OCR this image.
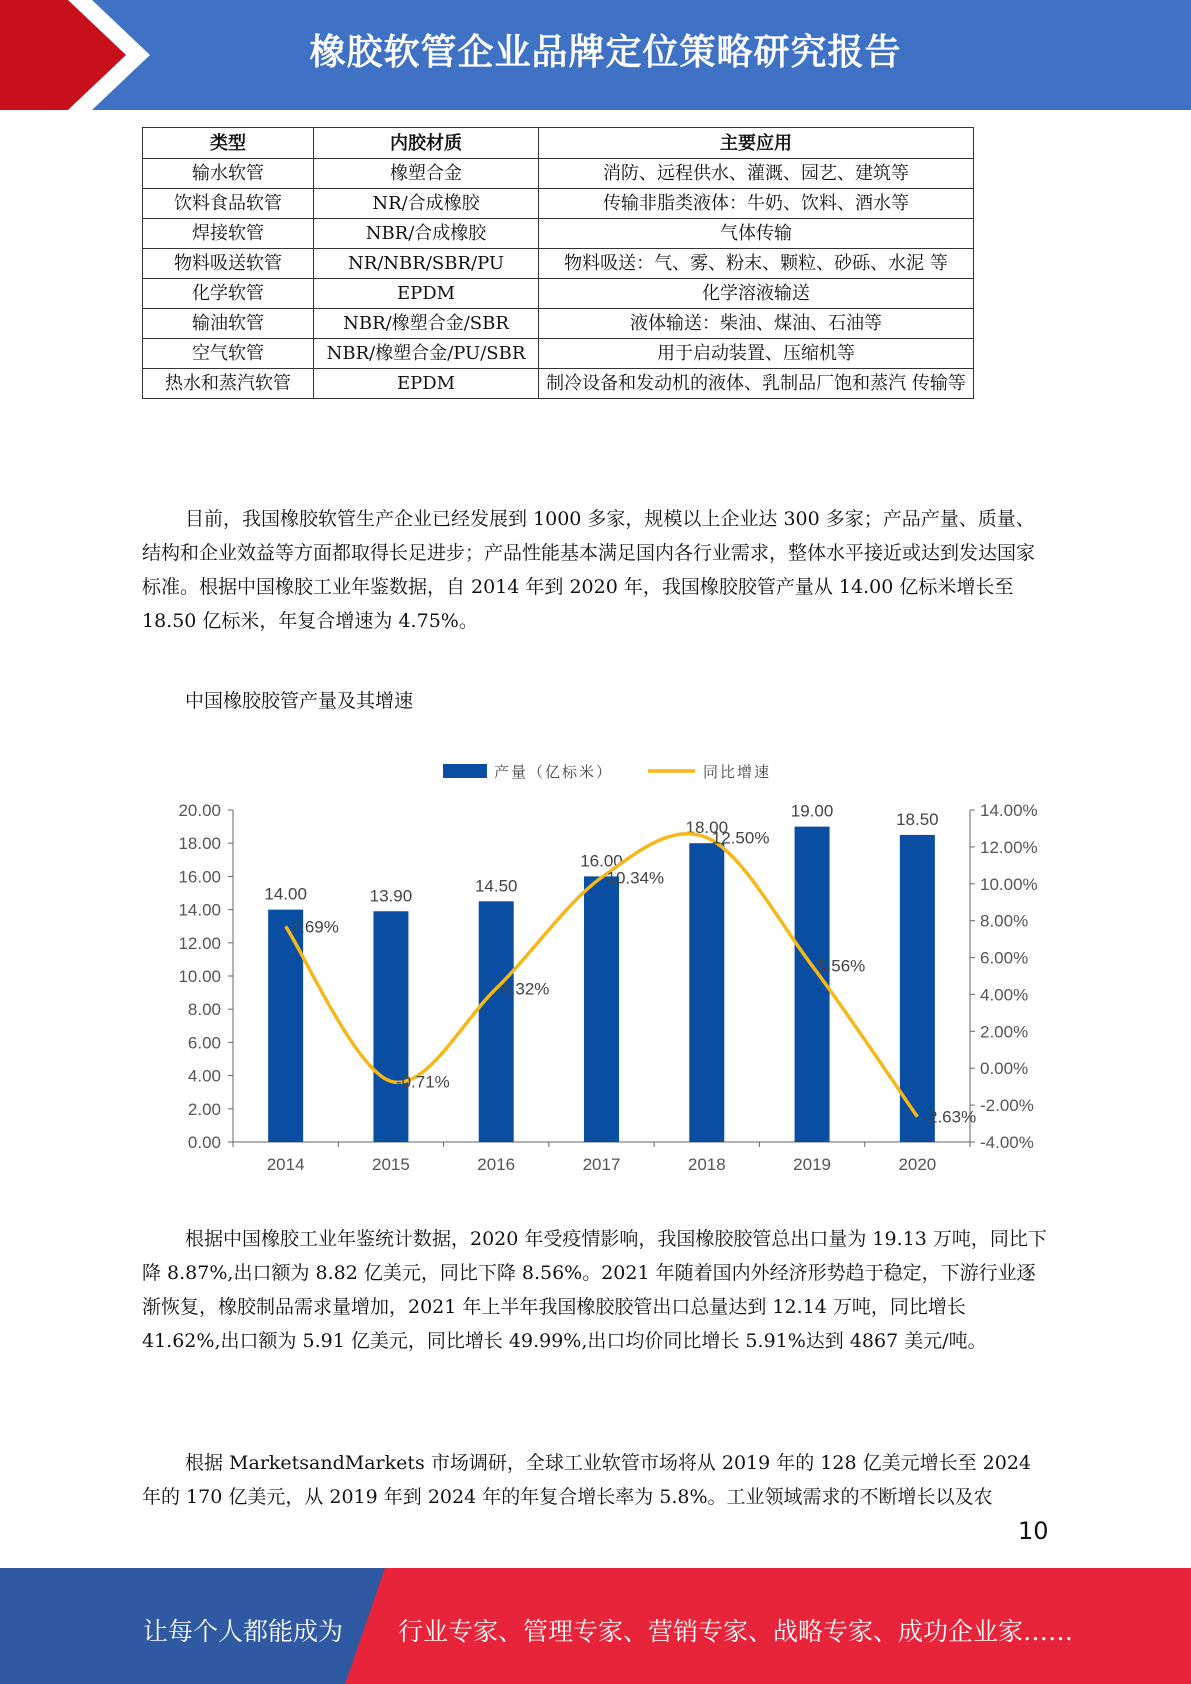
橡胶软管企业品牌定位策略研究报告
类型	内胶材质	主要应用
输水软管	橡塑合金	消防、远程供水、灌溉、园艺、建筑等
饮料食品软管	NR/合成橡胶	传输非脂类液体：牛奶、饮料、酒水等
焊接软管	NBR/合成橡胶	气体传输
物料吸送软管	NR/NBR/SBR/PU	物料吸送：气、雾、粉末、颗粒、砂砾、水泥 等
化学软管	EPDM	化学溶液输送
输油软管	NBR/橡塑合金/SBR	液体输送：柴油、煤油、石油等
空气软管	NBR/橡塑合金/PU/SBR	用于启动装置、压缩机等
热水和蒸汽软管	EPDM	制冷设备和发动机的液体、乳制品厂饱和蒸汽 传输等

目前，我国橡胶软管生产企业已经发展到 1000 多家，规模以上企业达 300 多家；产品产量、质量、结构和企业效益等方面都取得长足进步；产品性能基本满足国内各行业需求，整体水平接近或达到发达国家标准。根据中国橡胶工业年鉴数据，自 2014 年到 2020 年，我国橡胶胶管产量从 14.00 亿标米增长至 18.50 亿标米，年复合增速为 4.75%。

中国橡胶胶管产量及其增速
0.00
2.00
4.00
6.00
8.00
10.00
12.00
14.00
16.00
18.00
20.00
-4.00%
-2.00%
0.00%
2.00%
4.00%
6.00%
8.00%
10.00%
12.00%
14.00%
2014	2015	2016	2017	2018	2019	2020
14.00	13.90
14.50
16.00
18.00
19.00	18.50
7.69%
-0.71%
4.32%
10.34%
12.50%
5.56%
-2.63%
产量（亿标米）	同比增速

根据中国橡胶工业年鉴统计数据，2020 年受疫情影响，我国橡胶胶管总出口量为 19.13 万吨，同比下降 8.87%,出口额为 8.82 亿美元，同比下降 8.56%。2021 年随着国内外经济形势趋于稳定，下游行业逐渐恢复，橡胶制品需求量增加，2021 年上半年我国橡胶胶管出口总量达到 12.14 万吨，同比增长 41.62%,出口额为 5.91 亿美元，同比增长 49.99%,出口均价同比增长 5.91%达到 4867 美元/吨。

根据 MarketsandMarkets 市场调研，全球工业软管市场将从 2019 年的 128 亿美元增长至 2024 年的 170 亿美元，从 2019 年到 2024 年的年复合增长率为 5.8%。工业领域需求的不断增长以及农

10
让每个人都能成为 行业专家、管理专家、营销专家、战略专家、成功企业家……
